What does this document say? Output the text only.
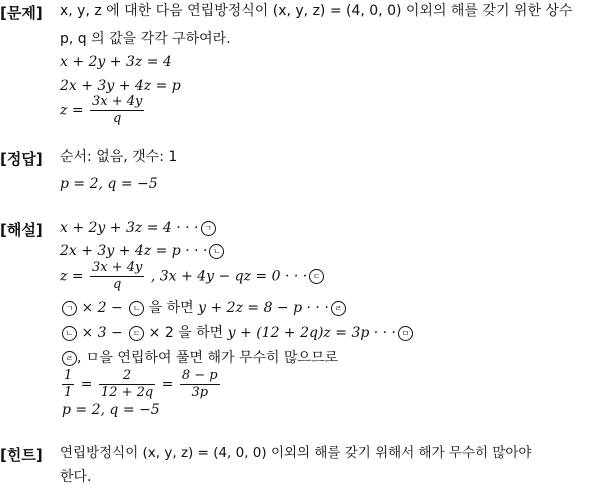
[문제] x, y, z 에 대한 다음 연립방정식이 (x, y, z) = (4, 0, 0) 이외의 해를 갖기 위한 상수
p, q 의 값을 각각 구하여라.
x + 2y + 3z = 4
2x + 3y + 4z = p
$z = \frac{3x + 4y}{q}$
[정답] 순서: 없음, 갯수: 1
p = 2, q = −5
[해설] x + 2y + 3z = 4 · · · ㄱ
2x + 3y + 4z = p · · · ㄴ
$z = \frac{3x + 4y}{q}$ , 3x + 4y − qz = 0 · · · ㄷ
ㄱ × 2 − ㄴ 을 하면 y + 2z = 8 − p · · · ㄹ
ㄴ × 3 − ㄷ × 2 을 하면 y + (12 + 2q)z = 3p · · · ㅁ
ㄹ , ㅁ을 연립하여 풀면 해가 무수히 많으므로
$\frac{1}{1} = \frac{2}{12 + 2q} = \frac{8 - p}{3p}$
p = 2, q = −5
[힌트] 연립방정식이 (x, y, z) = (4, 0, 0) 이외의 해를 갖기 위해서 해가 무수히 많아야
한다.
